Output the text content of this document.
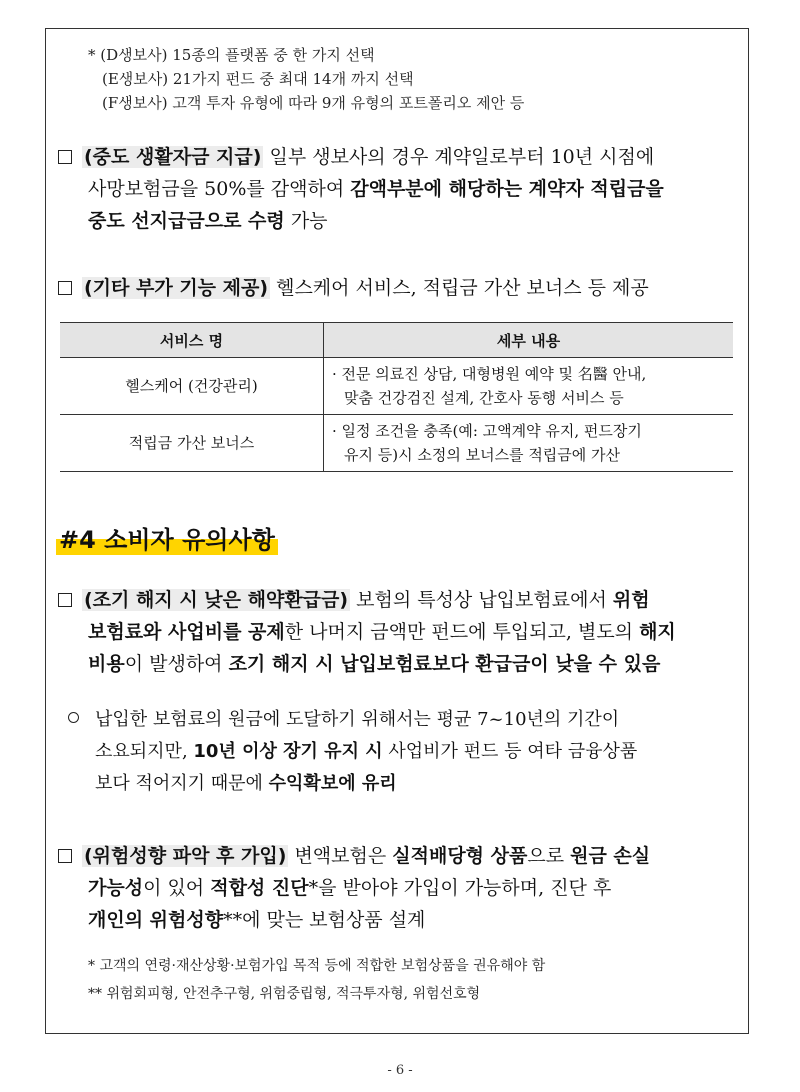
* (D생보사) 15종의 플랫폼 중 한 가지 선택
(E생보사) 21가지 펀드 중 최대 14개 까지 선택
(F생보사) 고객 투자 유형에 따라 9개 유형의 포트폴리오 제안 등
(중도 생활자금 지급) 일부 생보사의 경우 계약일로부터 10년 시점에
사망보험금을 50%를 감액하여 감액부분에 해당하는 계약자 적립금을
중도 선지급금으로 수령 가능
(기타 부가 기능 제공) 헬스케어 서비스, 적립금 가산 보너스 등 제공
서비스 명	세부 내용
헬스케어 (건강관리)	· 전문 의료진 상담, 대형병원 예약 및 名醫 안내,
맞춤 건강검진 설계, 간호사 동행 서비스 등

적립금 가산 보너스	· 일정 조건을 충족(예: 고액계약 유지, 펀드장기
유지 등)시 소정의 보너스를 적립금에 가산
#4 소비자 유의사항
(조기 해지 시 낮은 해약환급금) 보험의 특성상 납입보험료에서 위험
보험료와 사업비를 공제한 나머지 금액만 펀드에 투입되고, 별도의 해지
비용이 발생하여 조기 해지 시 납입보험료보다 환급금이 낮을 수 있음
납입한 보험료의 원금에 도달하기 위해서는 평균 7~10년의 기간이
소요되지만, 10년 이상 장기 유지 시 사업비가 펀드 등 여타 금융상품
보다 적어지기 때문에 수익확보에 유리
(위험성향 파악 후 가입) 변액보험은 실적배당형 상품으로 원금 손실
가능성이 있어 적합성 진단*을 받아야 가입이 가능하며, 진단 후
개인의 위험성향**에 맞는 보험상품 설계
* 고객의 연령·재산상황·보험가입 목적 등에 적합한 보험상품을 권유해야 함
** 위험회피형, 안전추구형, 위험중립형, 적극투자형, 위험선호형
- 6 -
